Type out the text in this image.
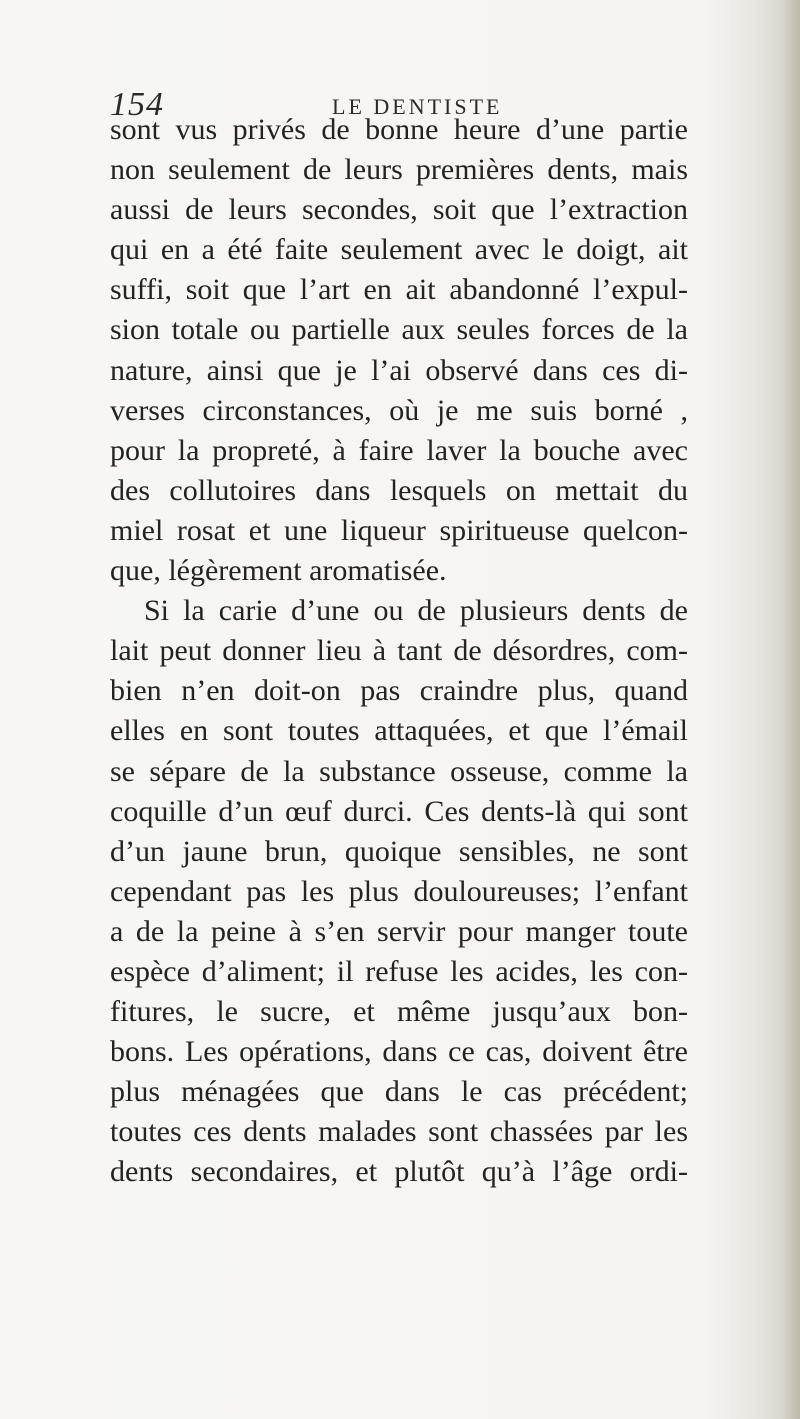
154	LE DENTISTE
sont vus privés de bonne heure d’une partie
non seulement de leurs premières dents, mais
aussi de leurs secondes, soit que l’extraction
qui en a été faite seulement avec le doigt, ait
suffi, soit que l’art en ait abandonné l’expul-
sion totale ou partielle aux seules forces de la
nature, ainsi que je l’ai observé dans ces di-
verses circonstances, où je me suis borné ,
pour la propreté, à faire laver la bouche avec
des collutoires dans lesquels on mettait du
miel rosat et une liqueur spiritueuse quelcon-
que, légèrement aromatisée.
Si la carie d’une ou de plusieurs dents de
lait peut donner lieu à tant de désordres, com-
bien n’en doit-on pas craindre plus, quand
elles en sont toutes attaquées, et que l’émail
se sépare de la substance osseuse, comme la
coquille d’un œuf durci. Ces dents-là qui sont
d’un jaune brun, quoique sensibles, ne sont
cependant pas les plus douloureuses; l’enfant
a de la peine à s’en servir pour manger toute
espèce d’aliment; il refuse les acides, les con-
fitures, le sucre, et même jusqu’aux bon-
bons. Les opérations, dans ce cas, doivent être
plus ménagées que dans le cas précédent;
toutes ces dents malades sont chassées par les
dents secondaires, et plutôt qu’à l’âge ordi-
